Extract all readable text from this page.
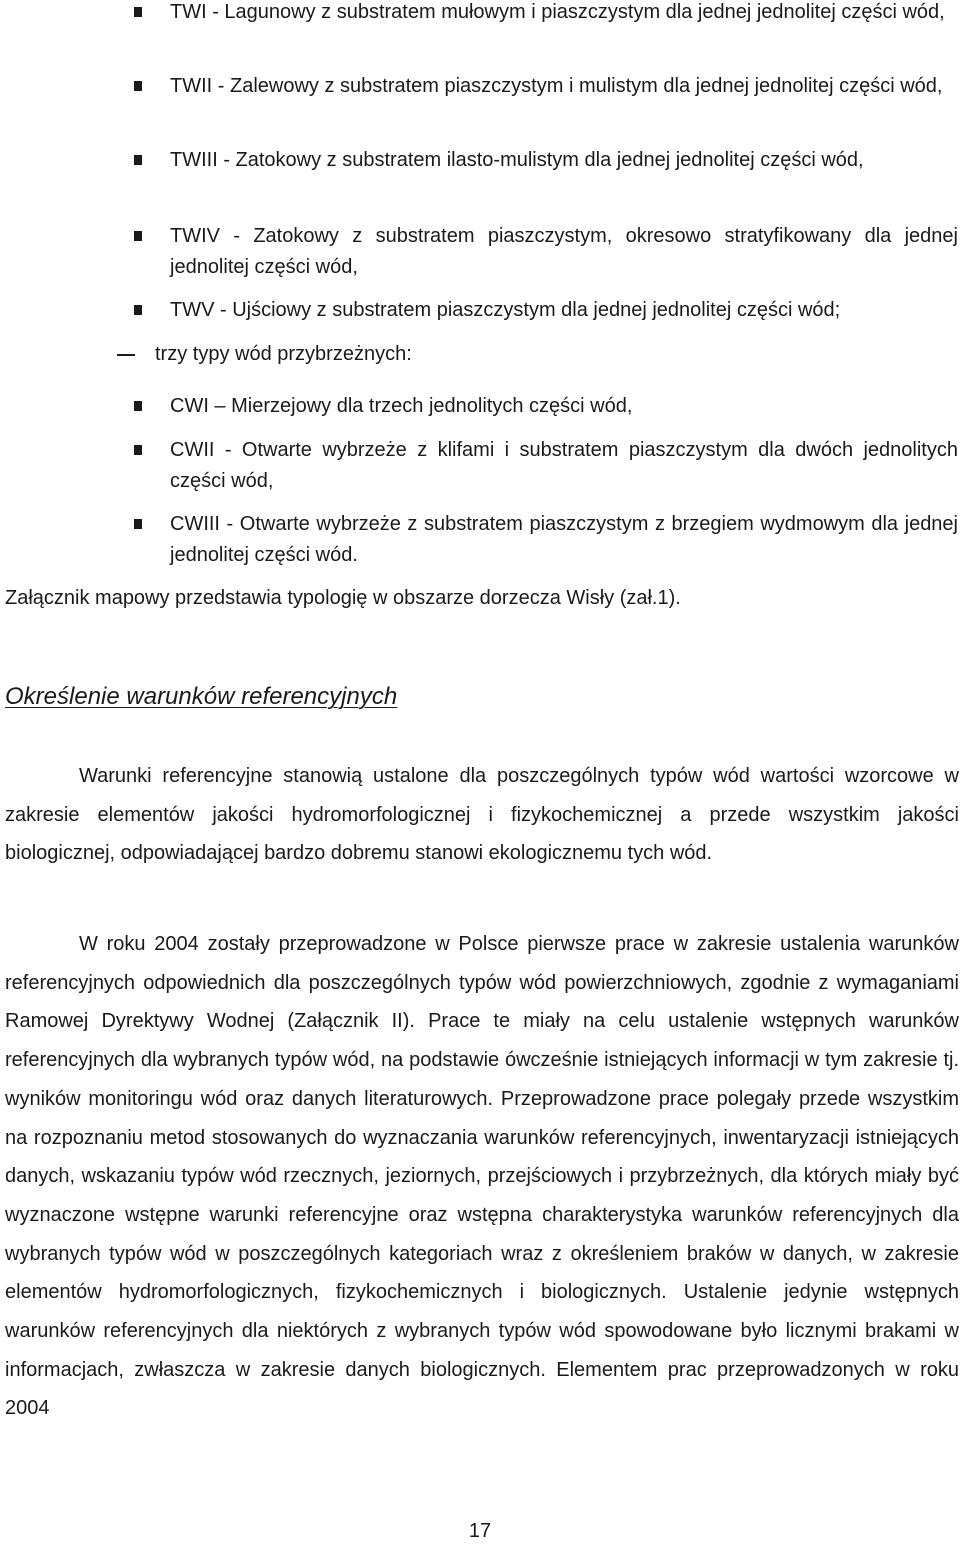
TWI - Lagunowy z substratem mułowym i piaszczystym dla jednej jednolitej części wód,
TWII - Zalewowy z substratem piaszczystym i mulistym dla jednej jednolitej części wód,
TWIII - Zatokowy z substratem ilasto-mulistym dla jednej jednolitej części wód,
TWIV - Zatokowy z substratem piaszczystym, okresowo stratyfikowany dla jednej jednolitej części wód,
TWV - Ujściowy z substratem piaszczystym dla jednej jednolitej części wód;
trzy typy wód przybrzeżnych:
CWI – Mierzejowy dla trzech jednolitych części wód,
CWII - Otwarte wybrzeże z klifami i substratem piaszczystym dla dwóch jednolitych części wód,
CWIII - Otwarte wybrzeże z substratem piaszczystym z brzegiem wydmowym dla jednej jednolitej części wód.
Załącznik mapowy przedstawia typologię w obszarze dorzecza Wisły (zał.1).
Określenie warunków referencyjnych
Warunki referencyjne stanowią ustalone dla poszczególnych typów wód wartości wzorcowe w zakresie elementów jakości hydromorfologicznej i fizykochemicznej a przede wszystkim jakości biologicznej, odpowiadającej bardzo dobremu stanowi ekologicznemu tych wód.
W roku 2004 zostały przeprowadzone w Polsce pierwsze prace w zakresie ustalenia warunków referencyjnych odpowiednich dla poszczególnych typów wód powierzchniowych, zgodnie z wymaganiami Ramowej Dyrektywy Wodnej (Załącznik II). Prace te miały na celu ustalenie wstępnych warunków referencyjnych dla wybranych typów wód, na podstawie ówcześnie istniejących informacji w tym zakresie tj. wyników monitoringu wód oraz danych literaturowych. Przeprowadzone prace polegały przede wszystkim na rozpoznaniu metod stosowanych do wyznaczania warunków referencyjnych, inwentaryzacji istniejących danych, wskazaniu typów wód rzecznych, jeziornych, przejściowych i przybrzeżnych, dla których miały być wyznaczone wstępne warunki referencyjne oraz wstępna charakterystyka warunków referencyjnych dla wybranych typów wód w poszczególnych kategoriach wraz z określeniem braków w danych, w zakresie elementów hydromorfologicznych, fizykochemicznych i biologicznych. Ustalenie jedynie wstępnych warunków referencyjnych dla niektórych z wybranych typów wód spowodowane było licznymi brakami w informacjach, zwłaszcza w zakresie danych biologicznych. Elementem prac przeprowadzonych w roku 2004
17
